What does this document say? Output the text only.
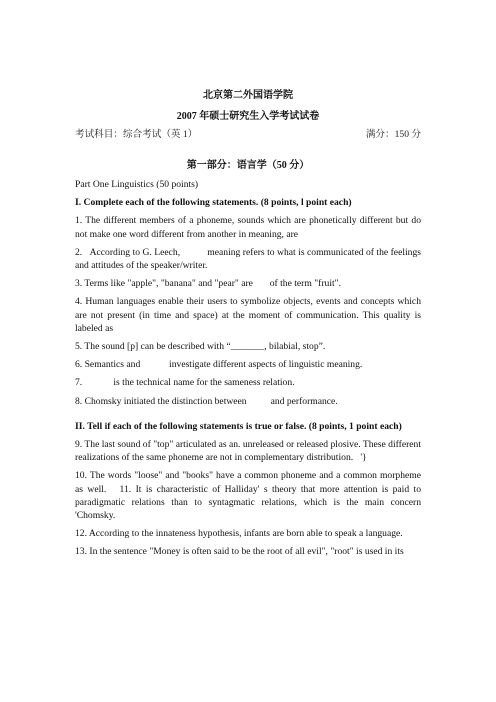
北京第二外国语学院
2007 年硕士研究生入学考试试卷
考试科目：综合考试（英 1）	满分：150 分
第一部分：语言学（50 分）
Part One Linguistics (50 points)
I. Complete each of the following statements. (8 points, l point each)
1. The different members of a phoneme, sounds which are phonetically different but do not make one word different from another in meaning, are
2.   According to G. Leech,           meaning refers to what is communicated of the feelings and attitudes of the speaker/writer.
3. Terms like "apple", "banana" and "pear" are       of the term "fruit".
4. Human languages enable their users to symbolize objects, events and concepts which are not present (in time and space) at the moment of communication. This quality is labeled as
5. The sound [p] can be described with “_______, bilabial, stop”.
6. Semantics and            investigate different aspects of linguistic meaning.
7.             is the technical name for the sameness relation.
8. Chomsky initiated the distinction between          and performance.
II. Tell if each of the following statements is true or false. (8 points, 1 point each)
9. The last sound of "top" articulated as an. unreleased or released plosive. These different realizations of the same phoneme are not in complementary distribution.   '}
10. The words "loose" and "books" have a common phoneme and a common morpheme as well.   11. It is characteristic of Halliday' s theory that more attention is paid to paradigmatic relations than to syntagmatic relations, which is the main concern 'Chomsky.
12. According to the innateness hypothesis, infants are born able to speak a language.
13. In the sentence "Money is often said to be the root of all evil", "root" is used in its
